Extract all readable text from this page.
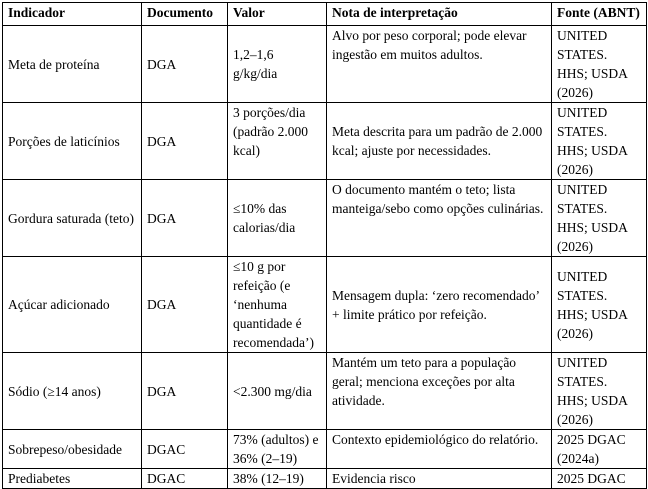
Indicador	Documento	Valor	Nota de interpretação	Fonte (ABNT)
Meta de proteína	DGA	1,2–1,6 g/kg/dia	Alvo por peso corporal; pode elevar ingestão em muitos adultos.	UNITED STATES. HHS; USDA (2026)
Porções de laticínios	DGA	3 porções/dia (padrão 2.000 kcal)	Meta descrita para um padrão de 2.000 kcal; ajuste por necessidades.	UNITED STATES. HHS; USDA (2026)
Gordura saturada (teto)	DGA	≤10% das calorias/dia	O documento mantém o teto; lista manteiga/sebo como opções culinárias.	UNITED STATES. HHS; USDA (2026)
Açúcar adicionado	DGA	≤10 g por refeição (e ‘nenhuma quantidade é recomendada’)	Mensagem dupla: ‘zero recomendado’ + limite prático por refeição.	UNITED STATES. HHS; USDA (2026)
Sódio (≥14 anos)	DGA	<2.300 mg/dia	Mantém um teto para a população geral; menciona exceções por alta atividade.	UNITED STATES. HHS; USDA (2026)
Sobrepeso/obesidade	DGAC	73% (adultos) e 36% (2–19)	Contexto epidemiológico do relatório.	2025 DGAC (2024a)
Prediabetes	DGAC	38% (12–19)	Evidencia risco	2025 DGAC
